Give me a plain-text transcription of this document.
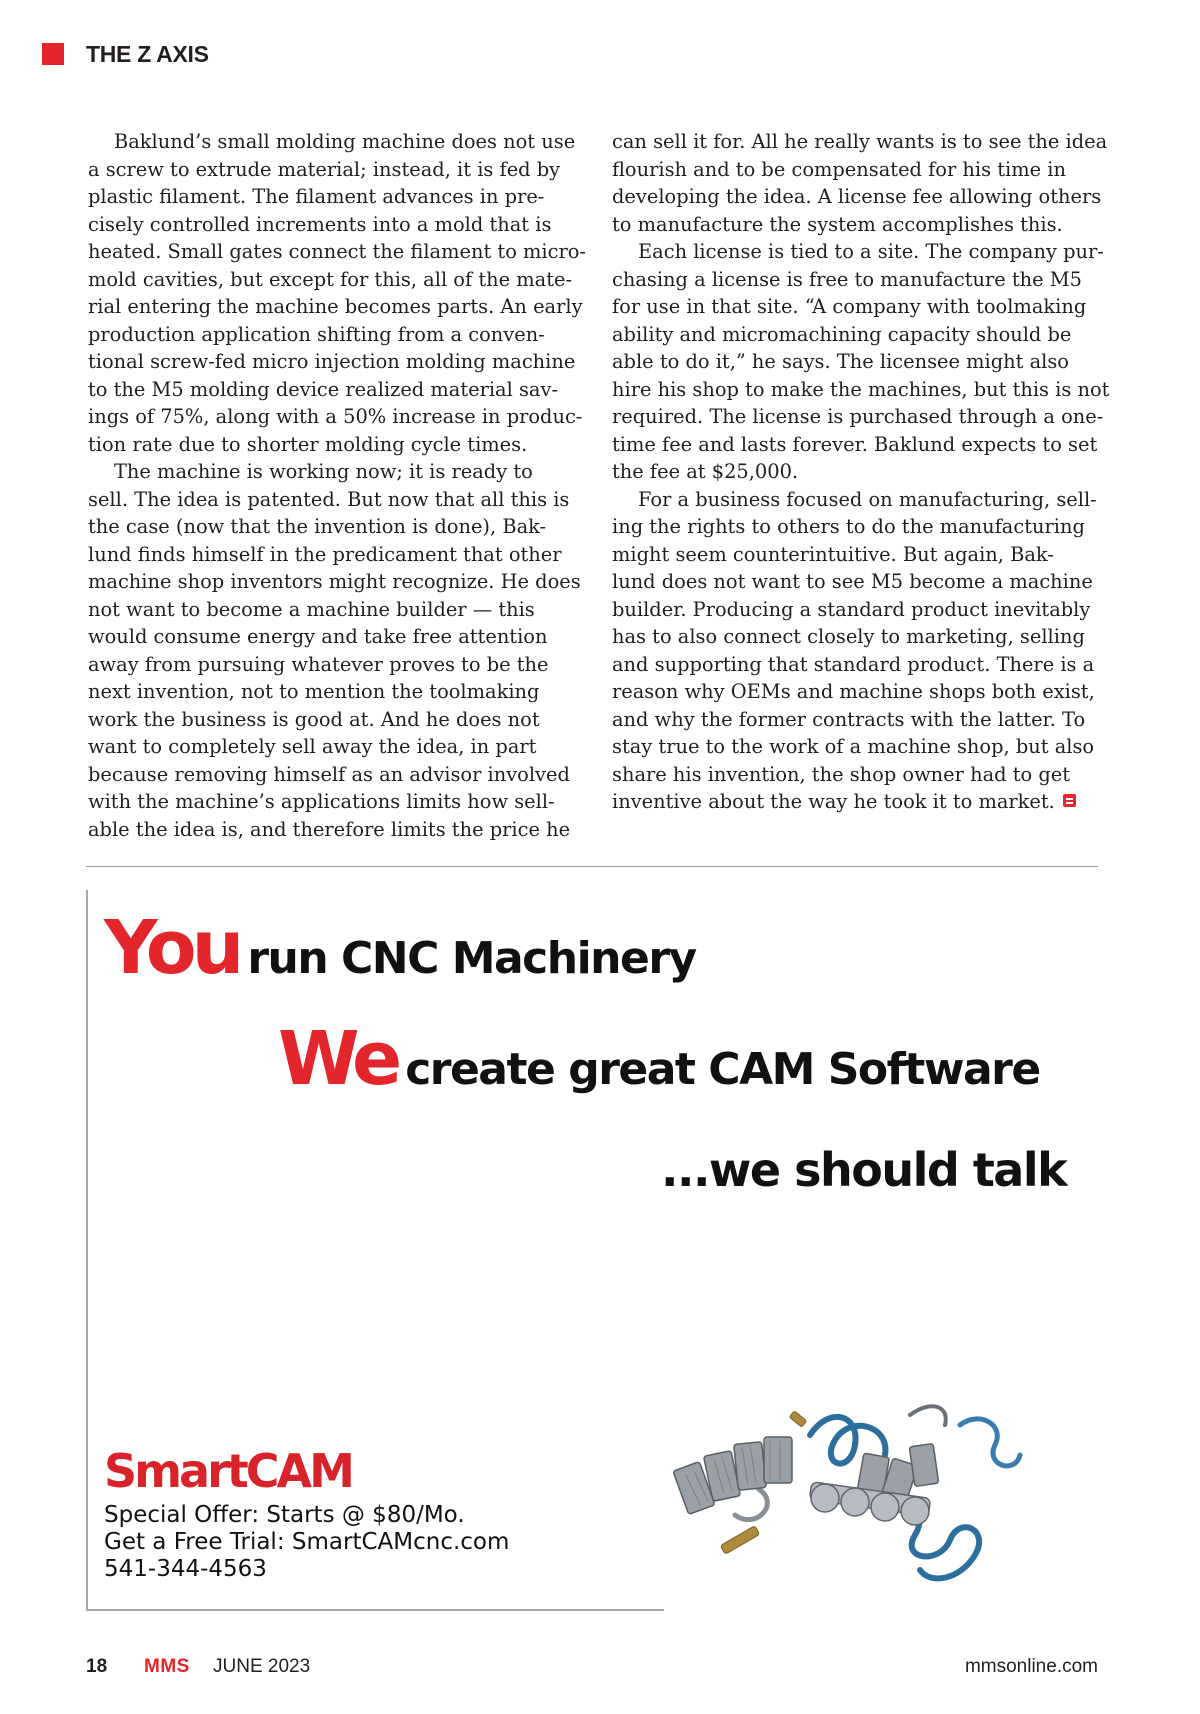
THE Z AXIS
Baklund’s small molding machine does not use
a screw to extrude material; instead, it is fed by
plastic filament. The filament advances in pre-
cisely controlled increments into a mold that is
heated. Small gates connect the filament to micro-
mold cavities, but except for this, all of the mate-
rial entering the machine becomes parts. An early
production application shifting from a conven-
tional screw-fed micro injection molding machine
to the M5 molding device realized material sav-
ings of 75%, along with a 50% increase in produc-
tion rate due to shorter molding cycle times.
The machine is working now; it is ready to
sell. The idea is patented. But now that all this is
the case (now that the invention is done), Bak-
lund finds himself in the predicament that other
machine shop inventors might recognize. He does
not want to become a machine builder — this
would consume energy and take free attention
away from pursuing whatever proves to be the
next invention, not to mention the toolmaking
work the business is good at. And he does not
want to completely sell away the idea, in part
because removing himself as an advisor involved
with the machine’s applications limits how sell-
able the idea is, and therefore limits the price he
can sell it for. All he really wants is to see the idea
flourish and to be compensated for his time in
developing the idea. A license fee allowing others
to manufacture the system accomplishes this.
Each license is tied to a site. The company pur-
chasing a license is free to manufacture the M5
for use in that site. “A company with toolmaking
ability and micromachining capacity should be
able to do it,” he says. The licensee might also
hire his shop to make the machines, but this is not
required. The license is purchased through a one-
time fee and lasts forever. Baklund expects to set
the fee at $25,000.
For a business focused on manufacturing, sell-
ing the rights to others to do the manufacturing
might seem counterintuitive. But again, Bak-
lund does not want to see M5 become a machine
builder. Producing a standard product inevitably
has to also connect closely to marketing, selling
and supporting that standard product. There is a
reason why OEMs and machine shops both exist,
and why the former contracts with the latter. To
stay true to the work of a machine shop, but also
share his invention, the shop owner had to get
inventive about the way he took it to market.
You run CNC Machinery
We create great CAM Software
...we should talk
SmartCAM
Special Offer: Starts @ $80/Mo.
Get a Free Trial: SmartCAMcnc.com
541-344-4563
18 MMS JUNE 2023	mmsonline.com
